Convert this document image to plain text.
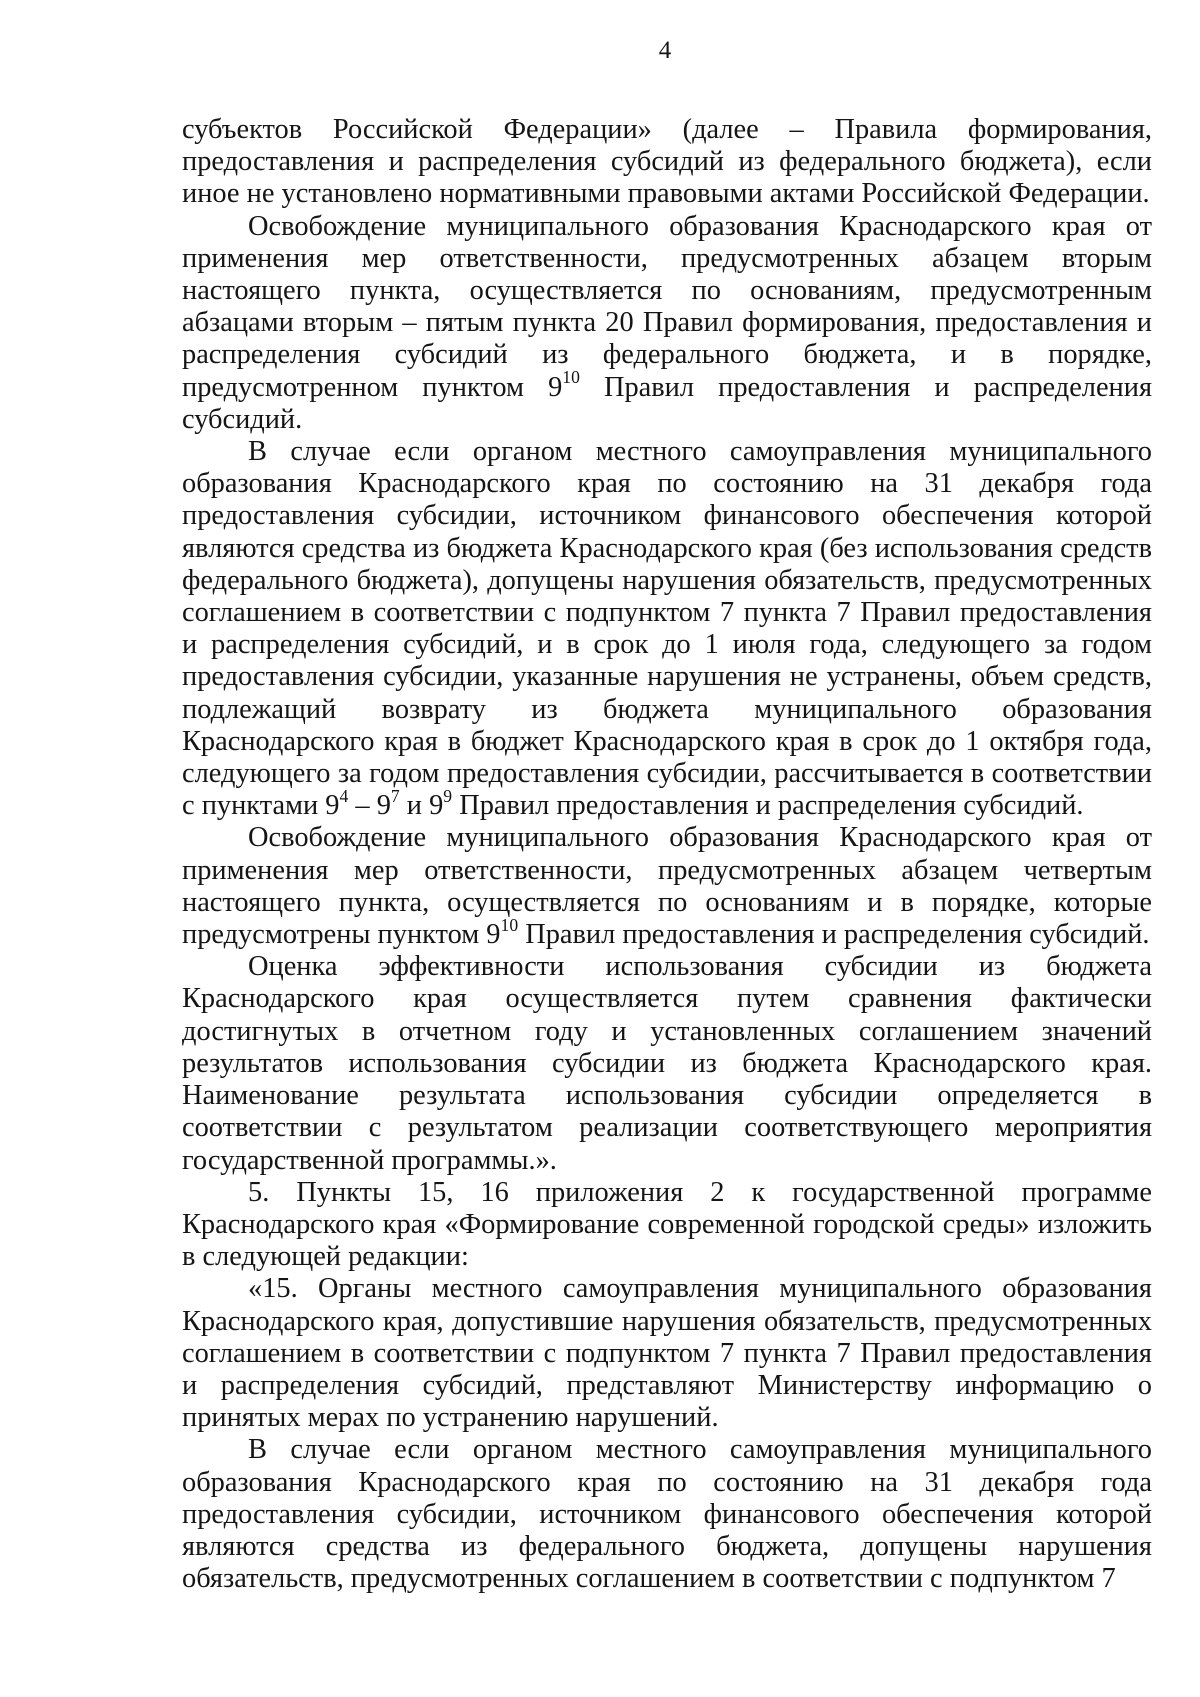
4

субъектов Российской Федерации» (далее – Правила формирования, предоставления и распределения субсидий из федерального бюджета), если иное не установлено нормативными правовыми актами Российской Федерации.

Освобождение муниципального образования Краснодарского края от применения мер ответственности, предусмотренных абзацем вторым настоящего пункта, осуществляется по основаниям, предусмотренным абзацами вторым – пятым пункта 20 Правил формирования, предоставления и распределения субсидий из федерального бюджета, и в порядке, предусмотренном пунктом $9^{10}$ Правил предоставления и распределения субсидий.

В случае если органом местного самоуправления муниципального образования Краснодарского края по состоянию на 31 декабря года предоставления субсидии, источником финансового обеспечения которой являются средства из бюджета Краснодарского края (без использования средств федерального бюджета), допущены нарушения обязательств, предусмотренных соглашением в соответствии с подпунктом 7 пункта 7 Правил предоставления и распределения субсидий, и в срок до 1 июля года, следующего за годом предоставления субсидии, указанные нарушения не устранены, объем средств, подлежащий возврату из бюджета муниципального образования Краснодарского края в бюджет Краснодарского края в срок до 1 октября года, следующего за годом предоставления субсидии, рассчитывается в соответствии с пунктами $9^4 - 9^7$ и $9^9$ Правил предоставления и распределения субсидий.

Освобождение муниципального образования Краснодарского края от применения мер ответственности, предусмотренных абзацем четвертым настоящего пункта, осуществляется по основаниям и в порядке, которые предусмотрены пунктом $9^{10}$ Правил предоставления и распределения субсидий.

Оценка эффективности использования субсидии из бюджета Краснодарского края осуществляется путем сравнения фактически достигнутых в отчетном году и установленных соглашением значений результатов использования субсидии из бюджета Краснодарского края. Наименование результата использования субсидии определяется в соответствии с результатом реализации соответствующего мероприятия государственной программы.».

5. Пункты 15, 16 приложения 2 к государственной программе Краснодарского края «Формирование современной городской среды» изложить в следующей редакции:

«15. Органы местного самоуправления муниципального образования Краснодарского края, допустившие нарушения обязательств, предусмотренных соглашением в соответствии с подпунктом 7 пункта 7 Правил предоставления и распределения субсидий, представляют Министерству информацию о принятых мерах по устранению нарушений.

В случае если органом местного самоуправления муниципального образования Краснодарского края по состоянию на 31 декабря года предоставления субсидии, источником финансового обеспечения которой являются средства из федерального бюджета, допущены нарушения обязательств, предусмотренных соглашением в соответствии с подпунктом 7
